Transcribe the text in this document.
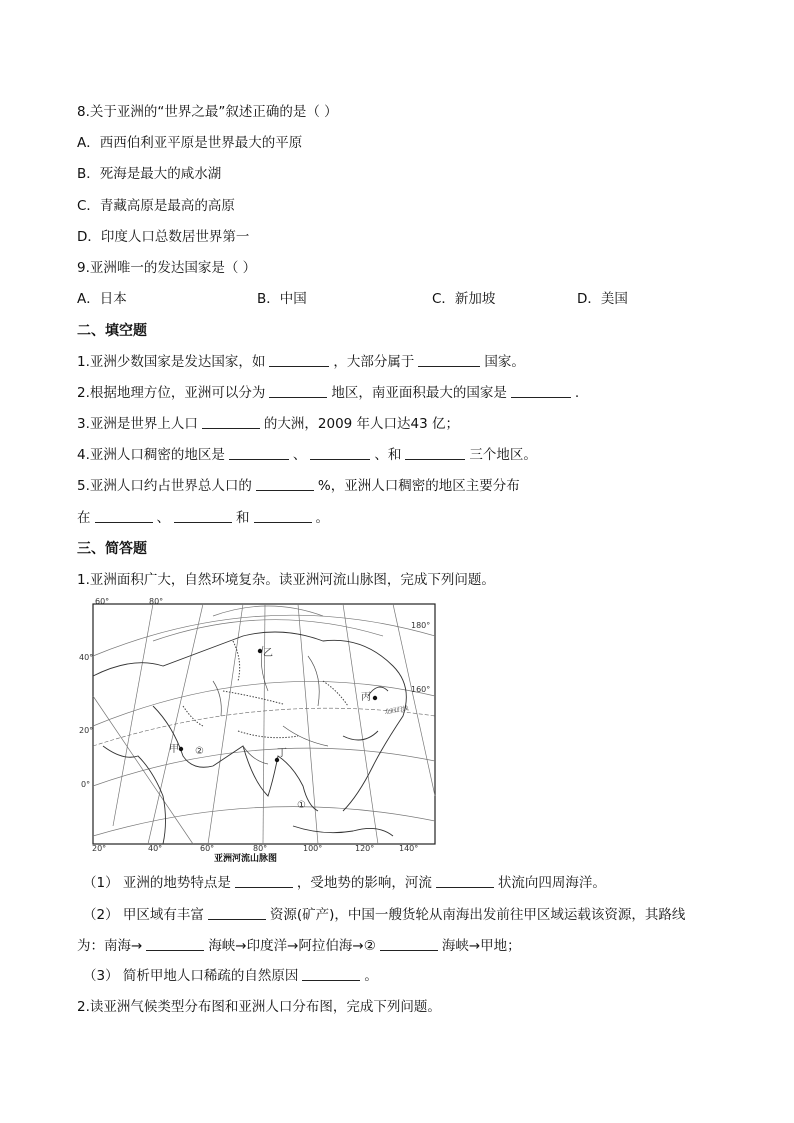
8.关于亚洲的“世界之最”叙述正确的是（ ）
A．西西伯利亚平原是世界最大的平原
B．死海是最大的咸水湖
C．青藏高原是最高的高原
D．印度人口总数居世界第一
9.亚洲唯一的发达国家是（ ）
A．日本	B．中国	C．新加坡	D．美国
二、填空题
1.亚洲少数国家是发达国家，如	，大部分属于	国家。
2.根据地理方位，亚洲可以分为	地区，南亚面积最大的国家是	.
3.亚洲是世界上人口	的大洲，2009 年人口达43 亿；
4.亚洲人口稠密的地区是	、	、和	三个地区。
5.亚洲人口约占世界总人口的	%，亚洲人口稠密的地区主要分布
在	、	和	。
三、简答题
1.亚洲面积广大，自然环境复杂。读亚洲河流山脉图，完成下列问题。
60°	80°
20°	40°	60°	80°	100°	120°	140°
180°
160°
40°
20°
0°
乙
丙
甲	丁
②
①
北回归线
亚洲河流山脉图
（1） 亚洲的地势特点是	，受地势的影响，河流	状流向四周海洋。
（2） 甲区域有丰富	资源(矿产)，中国一艘货轮从南海出发前往甲区域运载该资源，其路线
为：南海→	海峡→印度洋→阿拉伯海→②	海峡→甲地；
（3） 简析甲地人口稀疏的自然原因	。
2.读亚洲气候类型分布图和亚洲人口分布图，完成下列问题。
